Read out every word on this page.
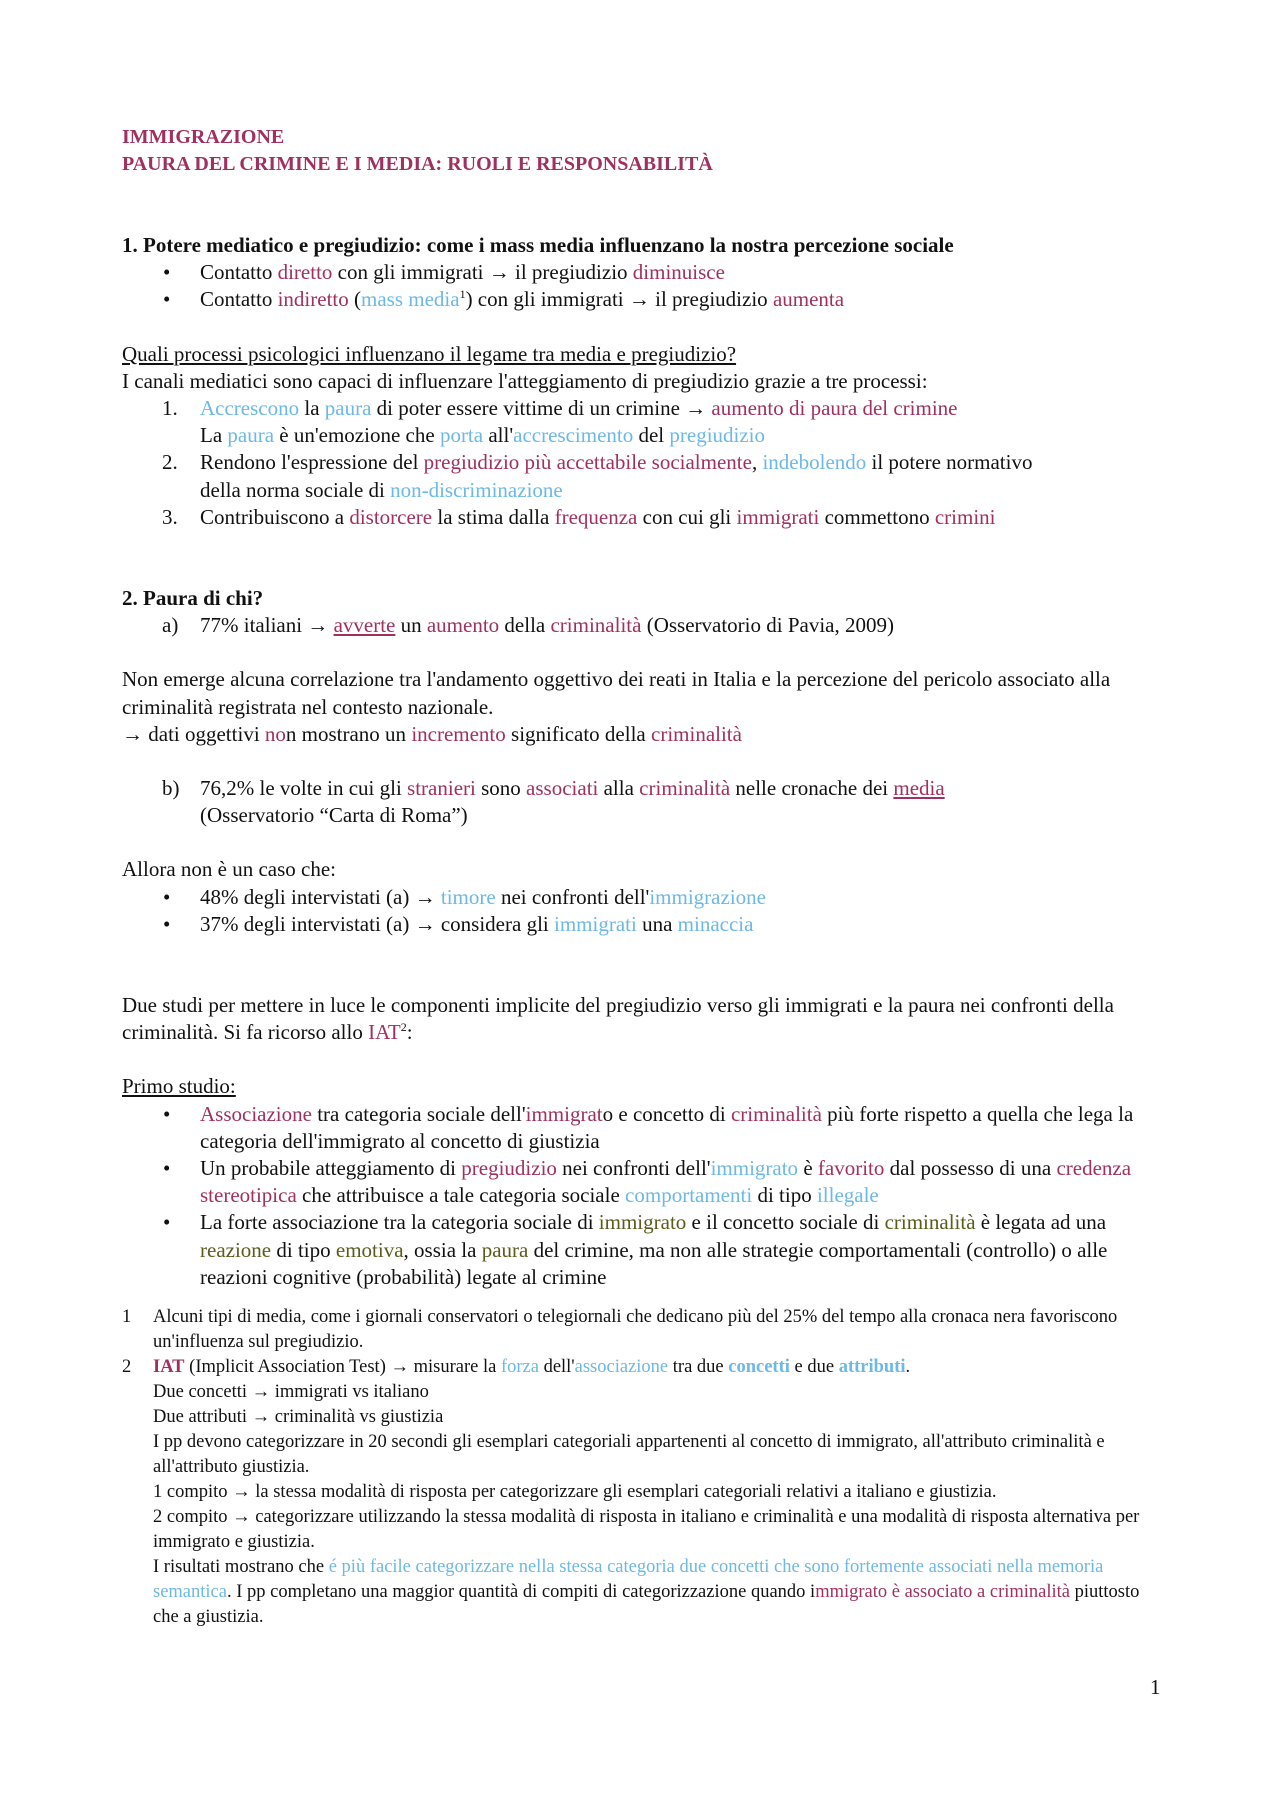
IMMIGRAZIONE
PAURA DEL CRIMINE E I MEDIA: RUOLI E RESPONSABILITÀ
1. Potere mediatico e pregiudizio: come i mass media influenzano la nostra percezione sociale
• Contatto diretto con gli immigrati → il pregiudizio diminuisce
• Contatto indiretto (mass media$^1$) con gli immigrati → il pregiudizio aumenta
Quali processi psicologici influenzano il legame tra media e pregiudizio?
I canali mediatici sono capaci di influenzare l'atteggiamento di pregiudizio grazie a tre processi:
1. Accrescono la paura di poter essere vittime di un crimine → aumento di paura del crimine
La paura è un'emozione che porta all'accrescimento del pregiudizio
2. Rendono l'espressione del pregiudizio più accettabile socialmente, indebolendo il potere normativo
della norma sociale di non-discriminazione
3. Contribuiscono a distorcere la stima dalla frequenza con cui gli immigrati commettono crimini
2. Paura di chi?
a) 77% italiani → avverte un aumento della criminalità (Osservatorio di Pavia, 2009)
Non emerge alcuna correlazione tra l'andamento oggettivo dei reati in Italia e la percezione del pericolo associato alla criminalità registrata nel contesto nazionale.
→ dati oggettivi non mostrano un incremento significato della criminalità
b) 76,2% le volte in cui gli stranieri sono associati alla criminalità nelle cronache dei media
(Osservatorio “Carta di Roma”)
Allora non è un caso che:
• 48% degli intervistati (a) → timore nei confronti dell'immigrazione
• 37% degli intervistati (a) → considera gli immigrati una minaccia
Due studi per mettere in luce le componenti implicite del pregiudizio verso gli immigrati e la paura nei confronti della criminalità. Si fa ricorso allo IAT$^2$:
Primo studio:
• Associazione tra categoria sociale dell'immigrato e concetto di criminalità più forte rispetto a quella che lega la categoria dell'immigrato al concetto di giustizia
• Un probabile atteggiamento di pregiudizio nei confronti dell'immigrato è favorito dal possesso di una credenza stereotipica che attribuisce a tale categoria sociale comportamenti di tipo illegale
• La forte associazione tra la categoria sociale di immigrato e il concetto sociale di criminalità è legata ad una reazione di tipo emotiva, ossia la paura del crimine, ma non alle strategie comportamentali (controllo) o alle reazioni cognitive (probabilità) legate al crimine
1 Alcuni tipi di media, come i giornali conservatori o telegiornali che dedicano più del 25% del tempo alla cronaca nera favoriscono un'influenza sul pregiudizio.
2 IAT (Implicit Association Test) → misurare la forza dell'associazione tra due concetti e due attributi.
Due concetti → immigrati vs italiano
Due attributi → criminalità vs giustizia
I pp devono categorizzare in 20 secondi gli esemplari categoriali appartenenti al concetto di immigrato, all'attributo criminalità e all'attributo giustizia.
1 compito → la stessa modalità di risposta per categorizzare gli esemplari categoriali relativi a italiano e giustizia.
2 compito → categorizzare utilizzando la stessa modalità di risposta in italiano e criminalità e una modalità di risposta alternativa per immigrato e giustizia.
I risultati mostrano che é più facile categorizzare nella stessa categoria due concetti che sono fortemente associati nella memoria semantica. I pp completano una maggior quantità di compiti di categorizzazione quando immigrato è associato a criminalità piuttosto che a giustizia.
1
